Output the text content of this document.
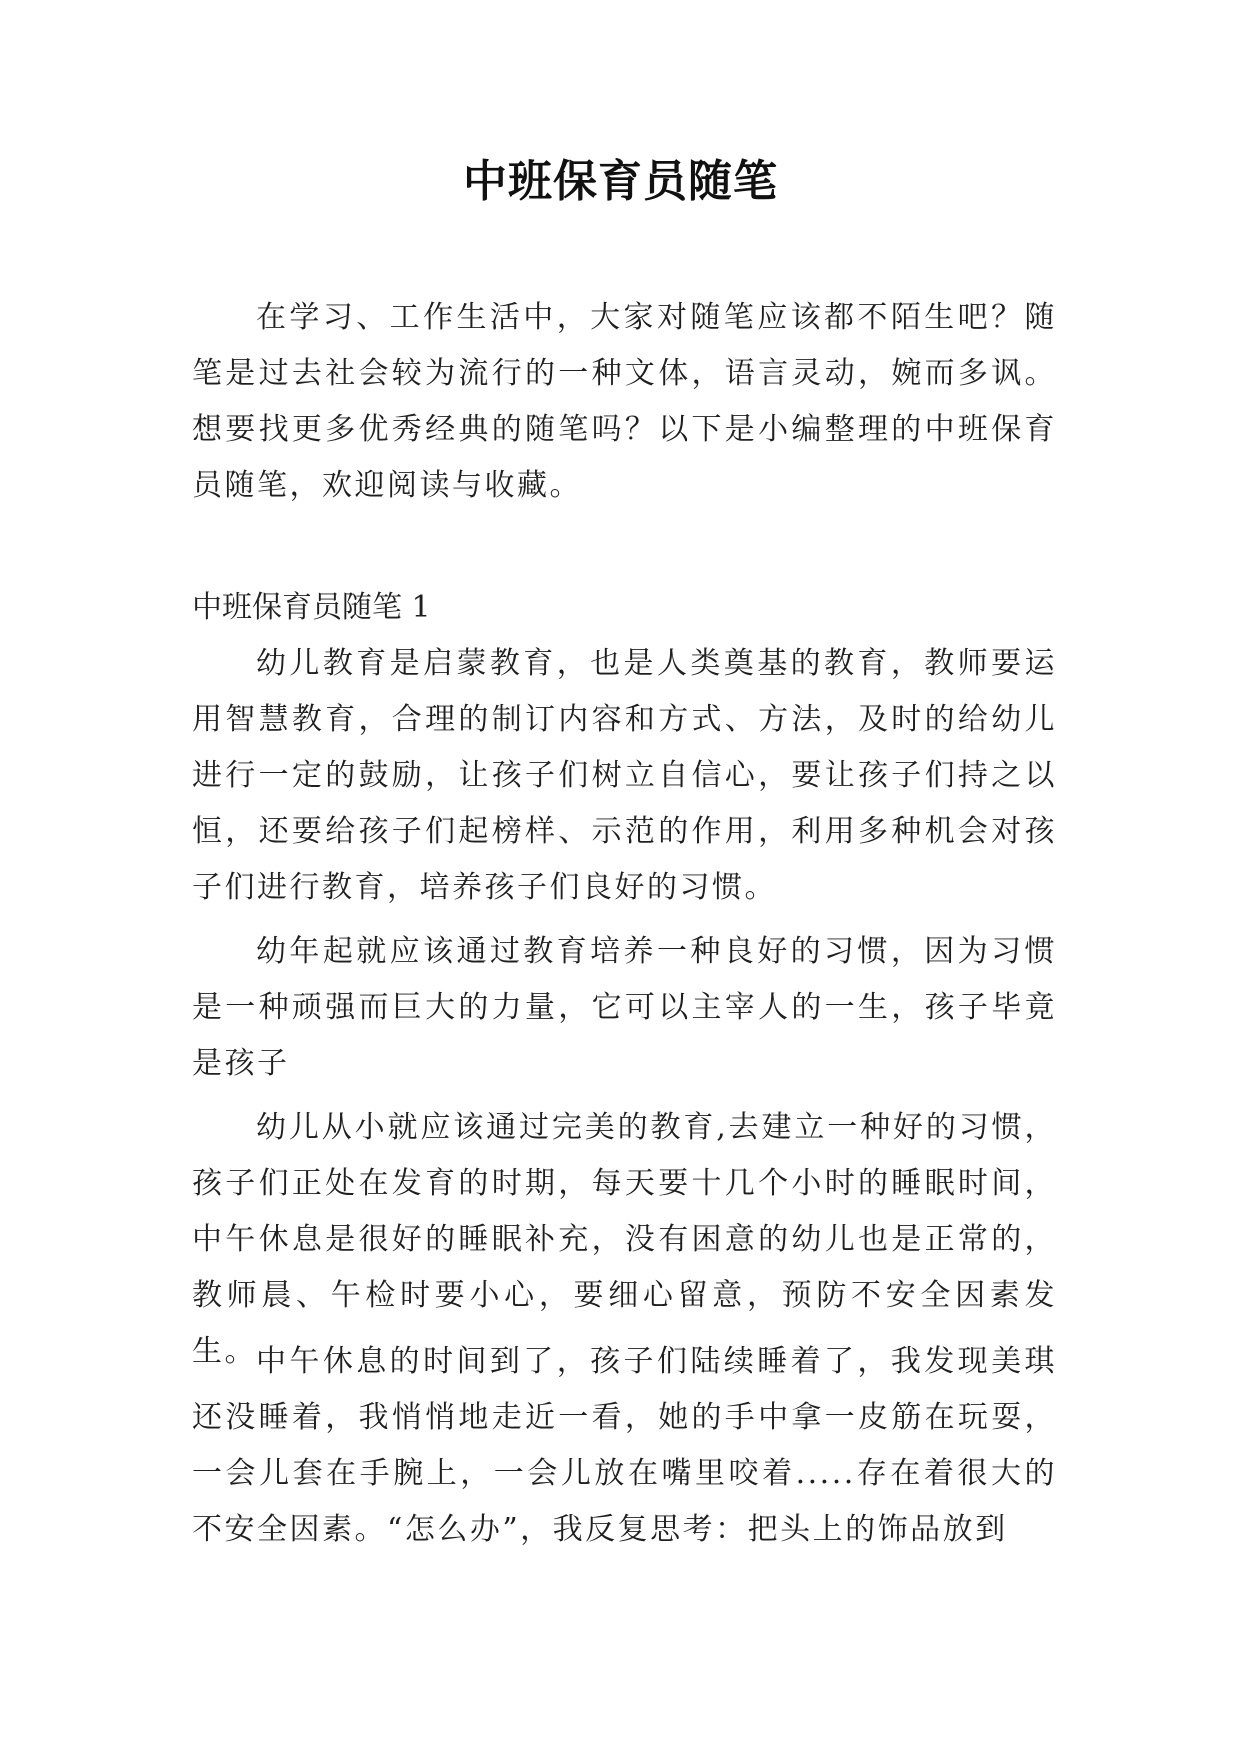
中班保育员随笔

在学习、工作生活中，大家对随笔应该都不陌生吧？随笔是过去社会较为流行的一种文体，语言灵动，婉而多讽。想要找更多优秀经典的随笔吗？以下是小编整理的中班保育员随笔，欢迎阅读与收藏。

中班保育员随笔 1

幼儿教育是启蒙教育，也是人类奠基的教育，教师要运用智慧教育，合理的制订内容和方式、方法，及时的给幼儿进行一定的鼓励，让孩子们树立自信心，要让孩子们持之以恒，还要给孩子们起榜样、示范的作用，利用多种机会对孩子们进行教育，培养孩子们良好的习惯。

幼年起就应该通过教育培养一种良好的习惯，因为习惯是一种顽强而巨大的力量，它可以主宰人的一生，孩子毕竟是孩子

幼儿从小就应该通过完美的教育,去建立一种好的习惯，孩子们正处在发育的时期，每天要十几个小时的睡眠时间，中午休息是很好的睡眠补充，没有困意的幼儿也是正常的，教师晨、午检时要小心，要细心留意，预防不安全因素发生。 中午休息的时间到了，孩子们陆续睡着了，我发现美琪还没睡着，我悄悄地走近一看，她的手中拿一皮筋在玩耍，一会儿套在手腕上，一会儿放在嘴里咬着.....存在着很大的不安全因素。“怎么办”，我反复思考：把头上的饰品放到
